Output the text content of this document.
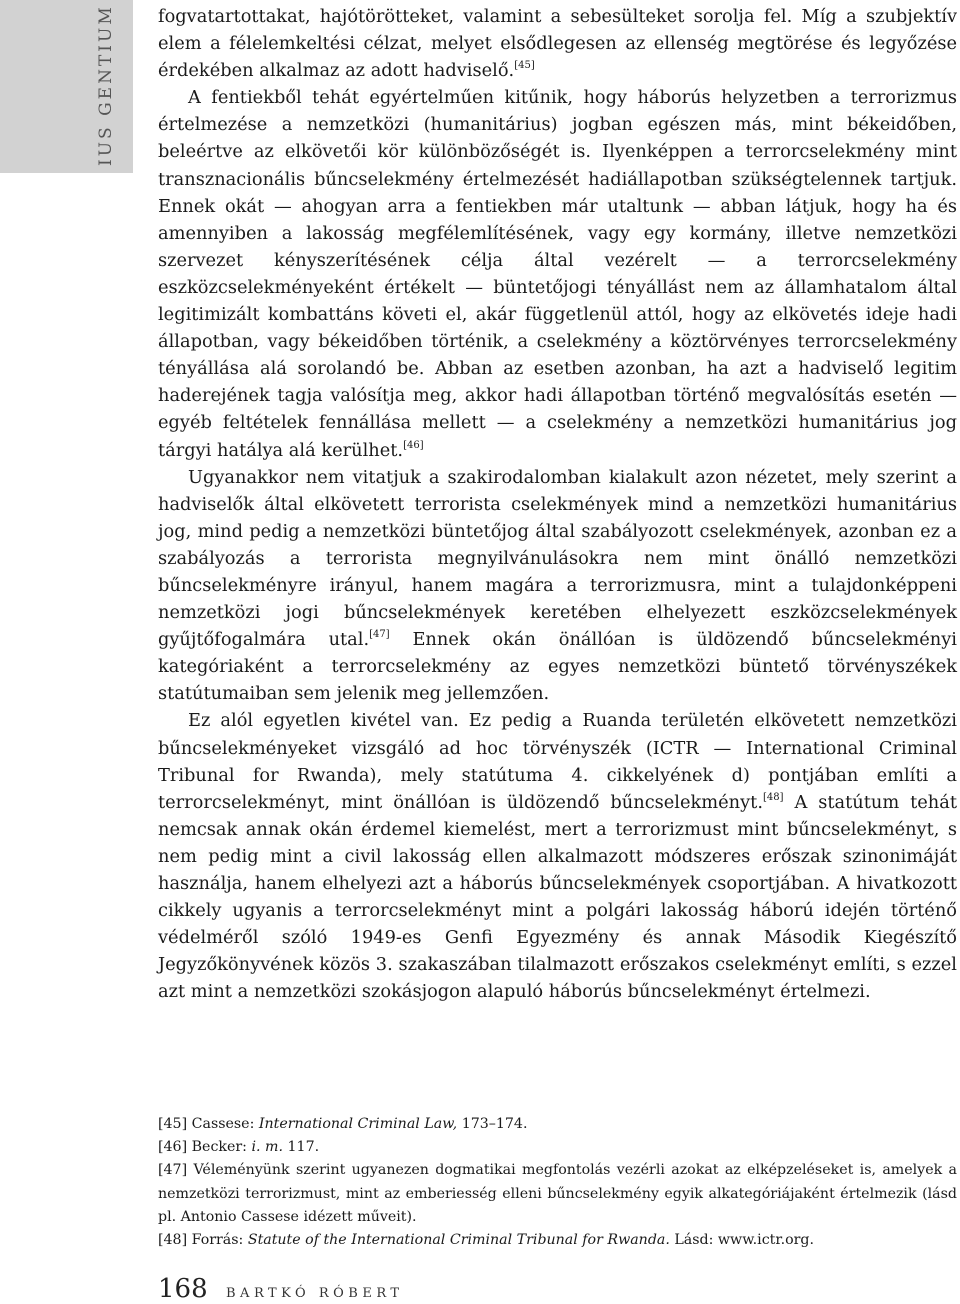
IUS GENTIUM fogvatartottakat, hajótörötteket, valamint a sebesülteket sorolja fel. Míg a szubjektív elem a félelemkeltési célzat, melyet elsődlegesen az ellenség megtörése és legyőzése érdekében alkalmaz az adott hadviselő.[45]

A fentiekből tehát egyértelműen kitűnik, hogy háborús helyzetben a terrorizmus értelmezése a nemzetközi (humanitárius) jogban egészen más, mint békeidőben, beleértve az elkövetői kör különbözőségét is. Ilyenképpen a terrorcselekmény mint transznacionális bűncselekmény értelmezését hadiállapotban szükségtelennek tartjuk. Ennek okát — ahogyan arra a fentiekben már utaltunk — abban látjuk, hogy ha és amennyiben a lakosság megfélemlítésének, vagy egy kormány, illetve nemzetközi szervezet kényszerítésének célja által vezérelt — a terrorcselekmény eszközcselekményeként értékelt — büntetőjogi tényállást nem az államhatalom által legitimizált kombattáns követi el, akár függetlenül attól, hogy az elkövetés ideje hadi állapotban, vagy békeidőben történik, a cselekmény a köztörvényes terrorcselekmény tényállása alá sorolandó be. Abban az esetben azonban, ha azt a hadviselő legitim haderejének tagja valósítja meg, akkor hadi állapotban történő megvalósítás esetén — egyéb feltételek fennállása mellett — a cselekmény a nemzetközi humanitárius jog tárgyi hatálya alá kerülhet.[46]

Ugyanakkor nem vitatjuk a szakirodalomban kialakult azon nézetet, mely szerint a hadviselők által elkövetett terrorista cselekmények mind a nemzetközi humanitárius jog, mind pedig a nemzetközi büntetőjog által szabályozott cselekmények, azonban ez a szabályozás a terrorista megnyilvánulásokra nem mint önálló nemzetközi bűncselekményre irányul, hanem magára a terrorizmusra, mint a tulajdonképpeni nemzetközi jogi bűncselekmények keretében elhelyezett eszközcselekmények gyűjtőfogalmára utal.[47] Ennek okán önállóan is üldözendő bűncselekményi kategóriaként a terrorcselekmény az egyes nemzetközi büntető törvényszékek statútumaiban sem jelenik meg jellemzően.

Ez alól egyetlen kivétel van. Ez pedig a Ruanda területén elkövetett nemzetközi bűncselekményeket vizsgáló ad hoc törvényszék (ICTR — International Criminal Tribunal for Rwanda), mely statútuma 4. cikkelyének d) pontjában említi a terrorcselekményt, mint önállóan is üldözendő bűncselekményt.[48] A statútum tehát nemcsak annak okán érdemel kiemelést, mert a terrorizmust mint bűncselekményt, s nem pedig mint a civil lakosság ellen alkalmazott módszeres erőszak szinonimáját használja, hanem elhelyezi azt a háborús bűncselekmények csoportjában. A hivatkozott cikkely ugyanis a terrorcselekményt mint a polgári lakosság háború idején történő védelméről szóló 1949-es Genfi Egyezmény és annak Második Kiegészítő Jegyzőkönyvének közös 3. szakaszában tilalmazott erőszakos cselekményt említi, s ezzel azt mint a nemzetközi szokásjogon alapuló háborús bűncselekményt értelmezi.

[45] Cassese: International Criminal Law, 173–174.

[46] Becker: i. m. 117.

[47] Véleményünk szerint ugyanezen dogmatikai megfontolás vezérli azokat az elképzeléseket is, amelyek a nemzetközi terrorizmust, mint az emberiesség elleni bűncselekmény egyik alkategóriájaként értelmezik (lásd pl. Antonio Cassese idézett műveit).

[48] Forrás: Statute of the International Criminal Tribunal for Rwanda. Lásd: www.ictr.org.

168 BARTKÓ RÓBERT
